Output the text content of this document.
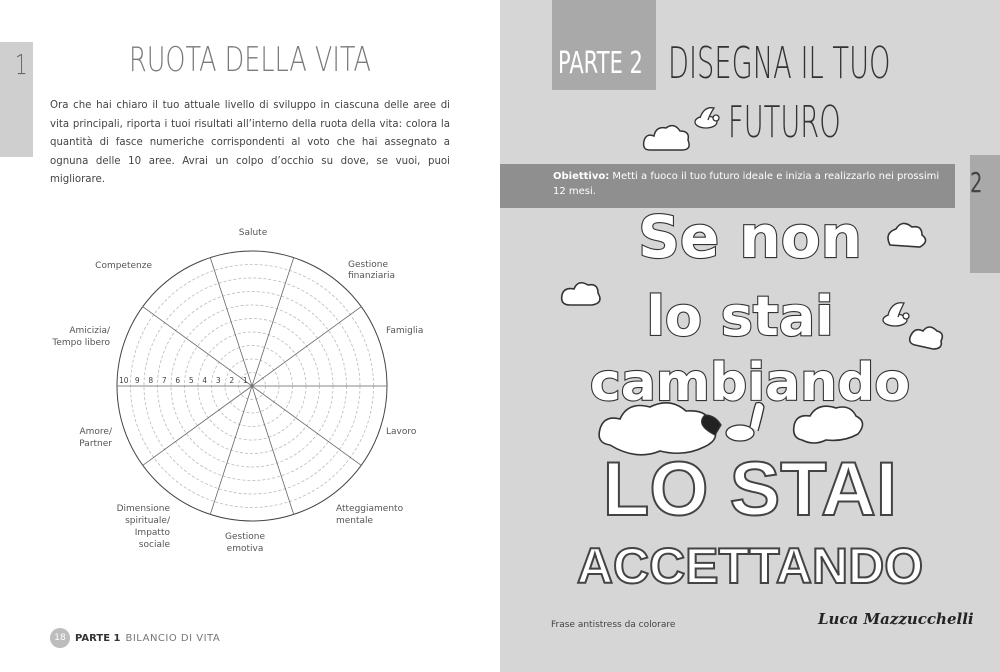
1	RUOTA DELLA VITA
Ora che hai chiaro il tuo attuale livello di sviluppo in ciascuna delle aree di vita principali, riporta i tuoi risultati all’interno della ruota della vita: colora la quantità di fasce numeriche corrispondenti al voto che hai assegnato a ognuna delle 10 aree. Avrai un colpo d’occhio su dove, se vuoi, puoi migliorare.
10 9 8 7 6 5 4 3 2 1
Salute
Gestione
finanziaria
Famiglia
Lavoro
Atteggiamento
mentale
Gestione
emotiva
Dimensione
spirituale/
Impatto
sociale
Amore/
Partner
Amicizia/
Tempo libero
Competenze
18 PARTE 1 BILANCIO DI VITA
PARTE 2 DISEGNA IL TUO
FUTURO
Obiettivo: Metti a fuoco il tuo futuro ideale e inizia a realizzarlo nei prossimi 12 mesi.	2
Se non
lo stai
cambiando
LO STAI
ACCETTANDO
Luca Mazzucchelli
Frase antistress da colorare
